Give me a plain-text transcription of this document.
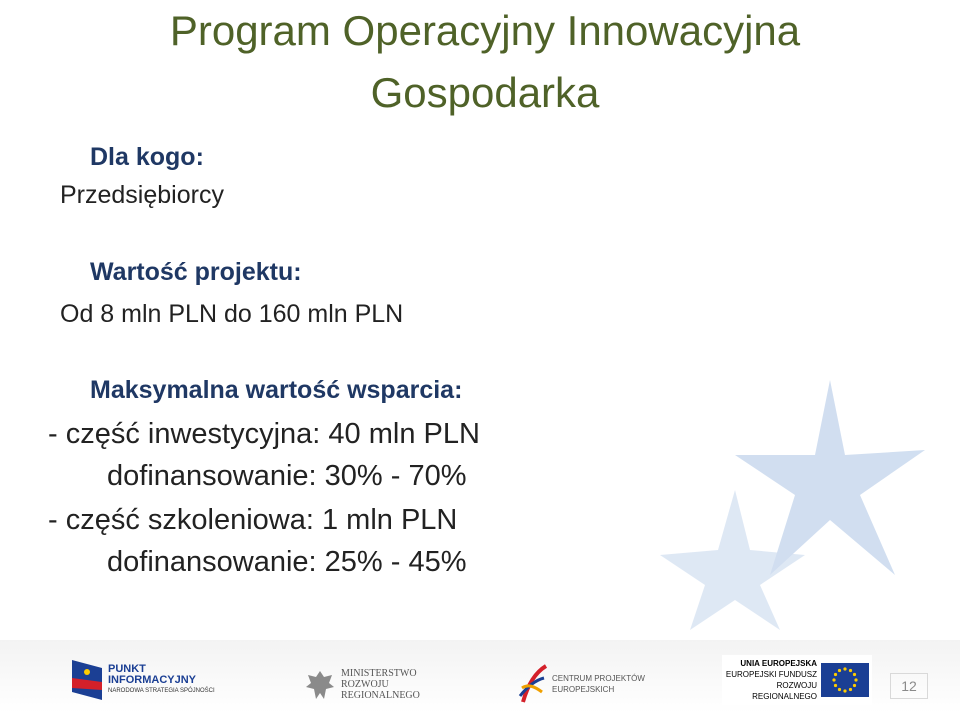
Program Operacyjny Innowacyjna
Gospodarka
Dla kogo:
Przedsiębiorcy
Wartość projektu:
Od 8 mln PLN do 160 mln PLN
Maksymalna wartość wsparcia:
- część inwestycyjna: 40 mln PLN
dofinansowanie: 30% - 70%
- część szkoleniowa: 1 mln PLN
dofinansowanie: 25% - 45%
PUNKT
INFORMACYJNY
NARODOWA STRATEGIA SPÓJNOŚCI
MINISTERSTWO
ROZWOJU
REGIONALNEGO
CENTRUM PROJEKTÓW
EUROPEJSKICH
UNIA EUROPEJSKA
EUROPEJSKI FUNDUSZ
ROZWOJU REGIONALNEGO
12
